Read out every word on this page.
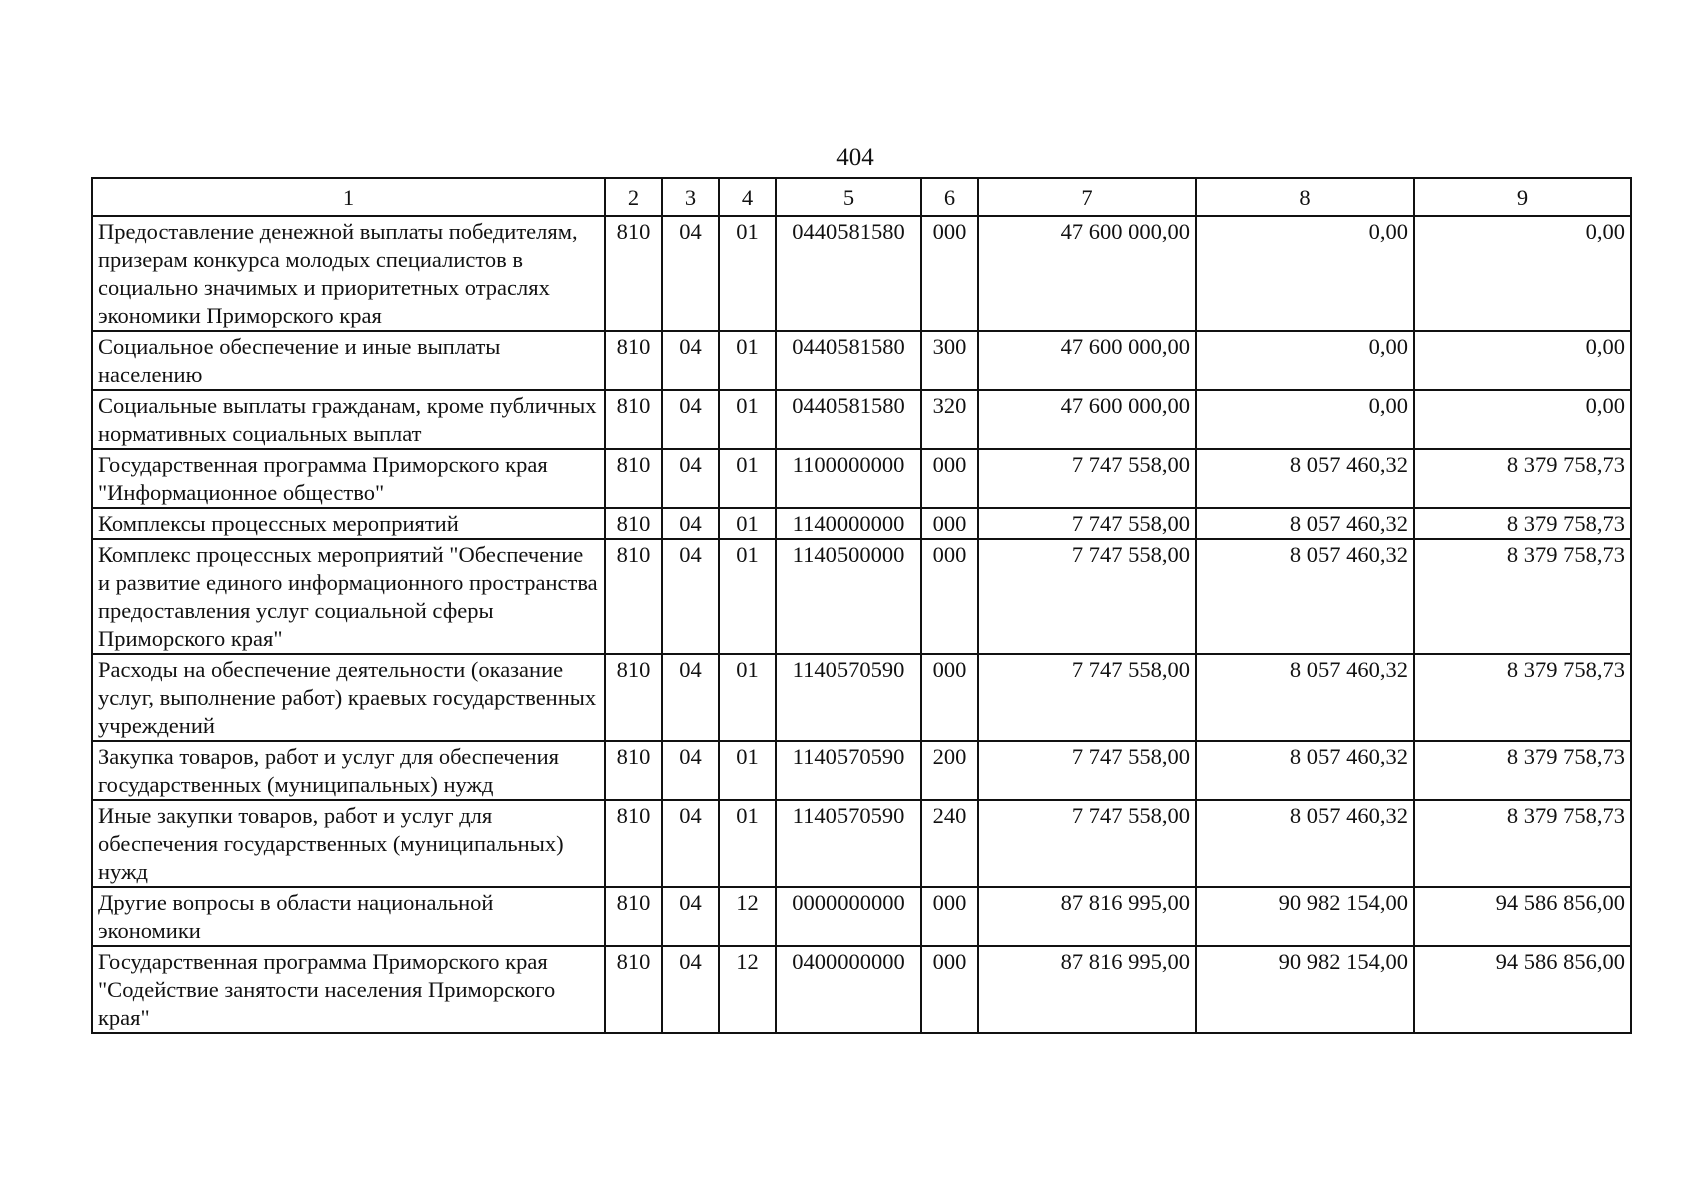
404
1	2	3	4	5	6	7	8	9
Предоставление денежной выплаты победителям, призерам конкурса молодых специалистов в социально значимых и приоритетных отраслях экономики Приморского края	810	04	01	0440581580	000	47 600 000,00	0,00	0,00
Социальное обеспечение и иные выплаты населению	810	04	01	0440581580	300	47 600 000,00	0,00	0,00
Социальные выплаты гражданам, кроме публичных нормативных социальных выплат	810	04	01	0440581580	320	47 600 000,00	0,00	0,00
Государственная программа Приморского края "Информационное общество"	810	04	01	1100000000	000	7 747 558,00	8 057 460,32	8 379 758,73
Комплексы процессных мероприятий	810	04	01	1140000000	000	7 747 558,00	8 057 460,32	8 379 758,73
Комплекс процессных мероприятий "Обеспечение и развитие единого информационного пространства предоставления услуг социальной сферы Приморского края"	810	04	01	1140500000	000	7 747 558,00	8 057 460,32	8 379 758,73
Расходы на обеспечение деятельности (оказание услуг, выполнение работ) краевых государственных учреждений	810	04	01	1140570590	000	7 747 558,00	8 057 460,32	8 379 758,73
Закупка товаров, работ и услуг для обеспечения государственных (муниципальных) нужд	810	04	01	1140570590	200	7 747 558,00	8 057 460,32	8 379 758,73
Иные закупки товаров, работ и услуг для обеспечения государственных (муниципальных) нужд	810	04	01	1140570590	240	7 747 558,00	8 057 460,32	8 379 758,73
Другие вопросы в области национальной экономики	810	04	12	0000000000	000	87 816 995,00	90 982 154,00	94 586 856,00
Государственная программа Приморского края "Содействие занятости населения Приморского края"	810	04	12	0400000000	000	87 816 995,00	90 982 154,00	94 586 856,00
